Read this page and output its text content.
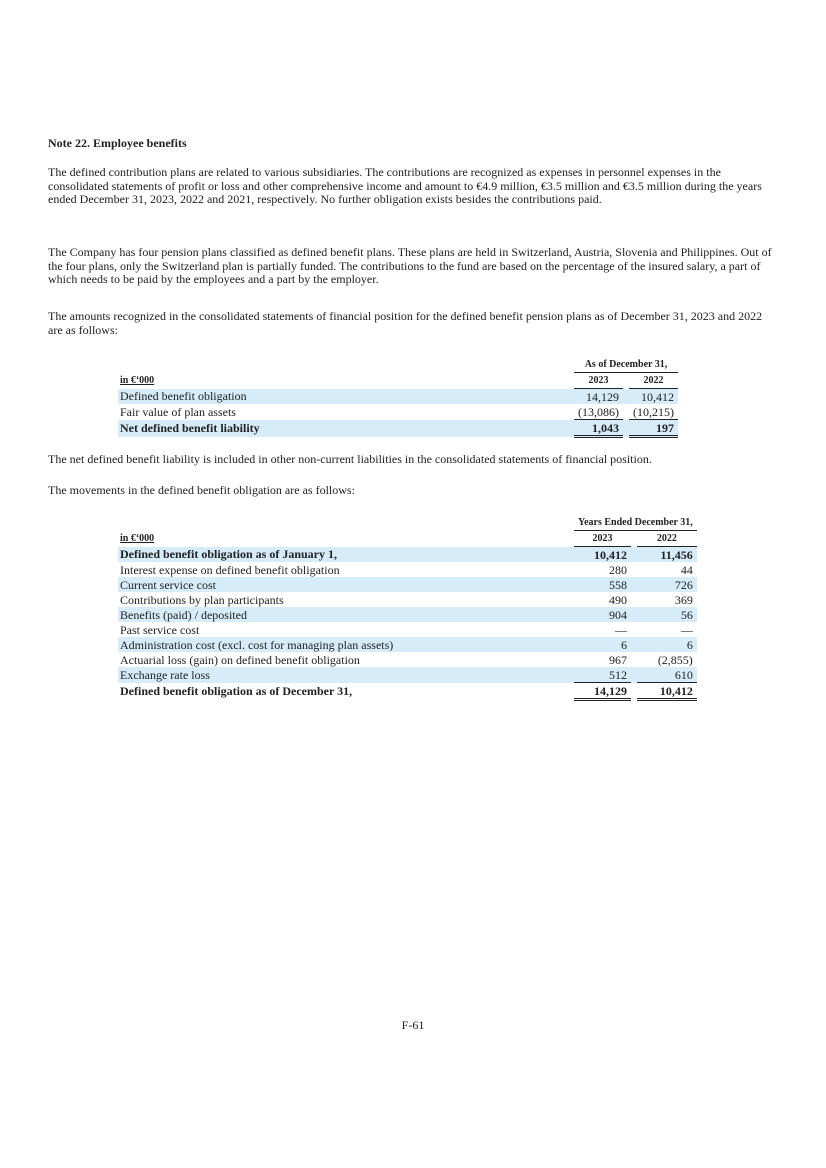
Note 22. Employee benefits
The defined contribution plans are related to various subsidiaries. The contributions are recognized as expenses in personnel expenses in the consolidated statements of profit or loss and other comprehensive income and amount to €4.9 million, €3.5 million and €3.5 million during the years ended December 31, 2023, 2022 and 2021, respectively. No further obligation exists besides the contributions paid.
The Company has four pension plans classified as defined benefit plans. These plans are held in Switzerland, Austria, Slovenia and Philippines. Out of the four plans, only the Switzerland plan is partially funded. The contributions to the fund are based on the percentage of the insured salary, a part of which needs to be paid by the employees and a part by the employer.
The amounts recognized in the consolidated statements of financial position for the defined benefit pension plans as of December 31, 2023 and 2022 are as follows:
	As of December 31,		
in €‘000	2023		2022
Defined benefit obligation	14,129		10,412
Fair value of plan assets	(13,086)		(10,215)
Net defined benefit liability	1,043		197
The net defined benefit liability is included in other non-current liabilities in the consolidated statements of financial position.
The movements in the defined benefit obligation are as follows:
	Years Ended December 31,		
in €‘000	2023		2022
Defined benefit obligation as of January 1,	10,412		11,456
Interest expense on defined benefit obligation	280		44
Current service cost	558		726
Contributions by plan participants	490		369
Benefits (paid) / deposited	904		56
Past service cost	—		—
Administration cost (excl. cost for managing plan assets)	6		6
Actuarial loss (gain) on defined benefit obligation	967		(2,855)
Exchange rate loss	512		610
Defined benefit obligation as of December 31,	14,129		10,412
F-61
